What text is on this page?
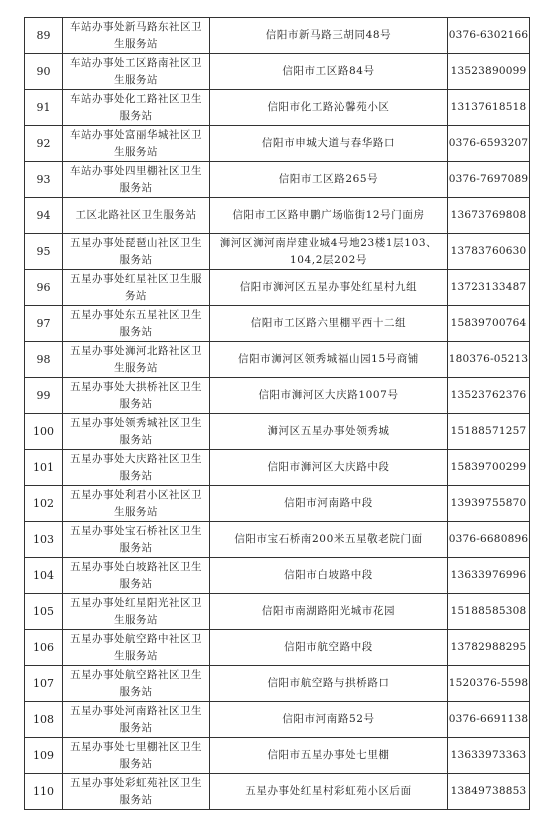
89	车站办事处新马路东社区卫生服务站	信阳市新马路三胡同48号	0376-6302166
90	车站办事处工区路南社区卫生服务站	信阳市工区路84号	13523890099
91	车站办事处化工路社区卫生服务站	信阳市化工路沁馨苑小区	13137618518
92	车站办事处富丽华城社区卫生服务站	信阳市申城大道与春华路口	0376-6593207
93	车站办事处四里棚社区卫生服务站	信阳市工区路265号	0376-7697089
94	工区北路社区卫生服务站	信阳市工区路申鹏广场临街12号门面房	13673769808
95	五星办事处琵琶山社区卫生服务站	浉河区浉河南岸建业城4号地23楼1层103、104,2层202号	13783760630
96	五星办事处红星社区卫生服务站	信阳市浉河区五星办事处红星村九组	13723133487
97	五星办事处东五星社区卫生服务站	信阳市工区路六里棚平西十二组	15839700764
98	五星办事处浉河北路社区卫生服务站	信阳市浉河区领秀城福山园15号商铺	180376-05213
99	五星办事处大拱桥社区卫生服务站	信阳市浉河区大庆路1007号	13523762376
100	五星办事处领秀城社区卫生服务站	浉河区五星办事处领秀城	15188571257
101	五星办事处大庆路社区卫生服务站	信阳市浉河区大庆路中段	15839700299
102	五星办事处利君小区社区卫生服务站	信阳市河南路中段	13939755870
103	五星办事处宝石桥社区卫生服务站	信阳市宝石桥南200米五星敬老院门面	0376-6680896
104	五星办事处白坡路社区卫生服务站	信阳市白坡路中段	13633976996
105	五星办事处红星阳光社区卫生服务站	信阳市南湖路阳光城市花园	15188585308
106	五星办事处航空路中社区卫生服务站	信阳市航空路中段	13782988295
107	五星办事处航空路社区卫生服务站	信阳市航空路与拱桥路口	1520376-5598
108	五星办事处河南路社区卫生服务站	信阳市河南路52号	0376-6691138
109	五星办事处七里棚社区卫生服务站	信阳市五星办事处七里棚	13633973363
110	五星办事处彩虹苑社区卫生服务站	五星办事处红星村彩虹苑小区后面	13849738853
